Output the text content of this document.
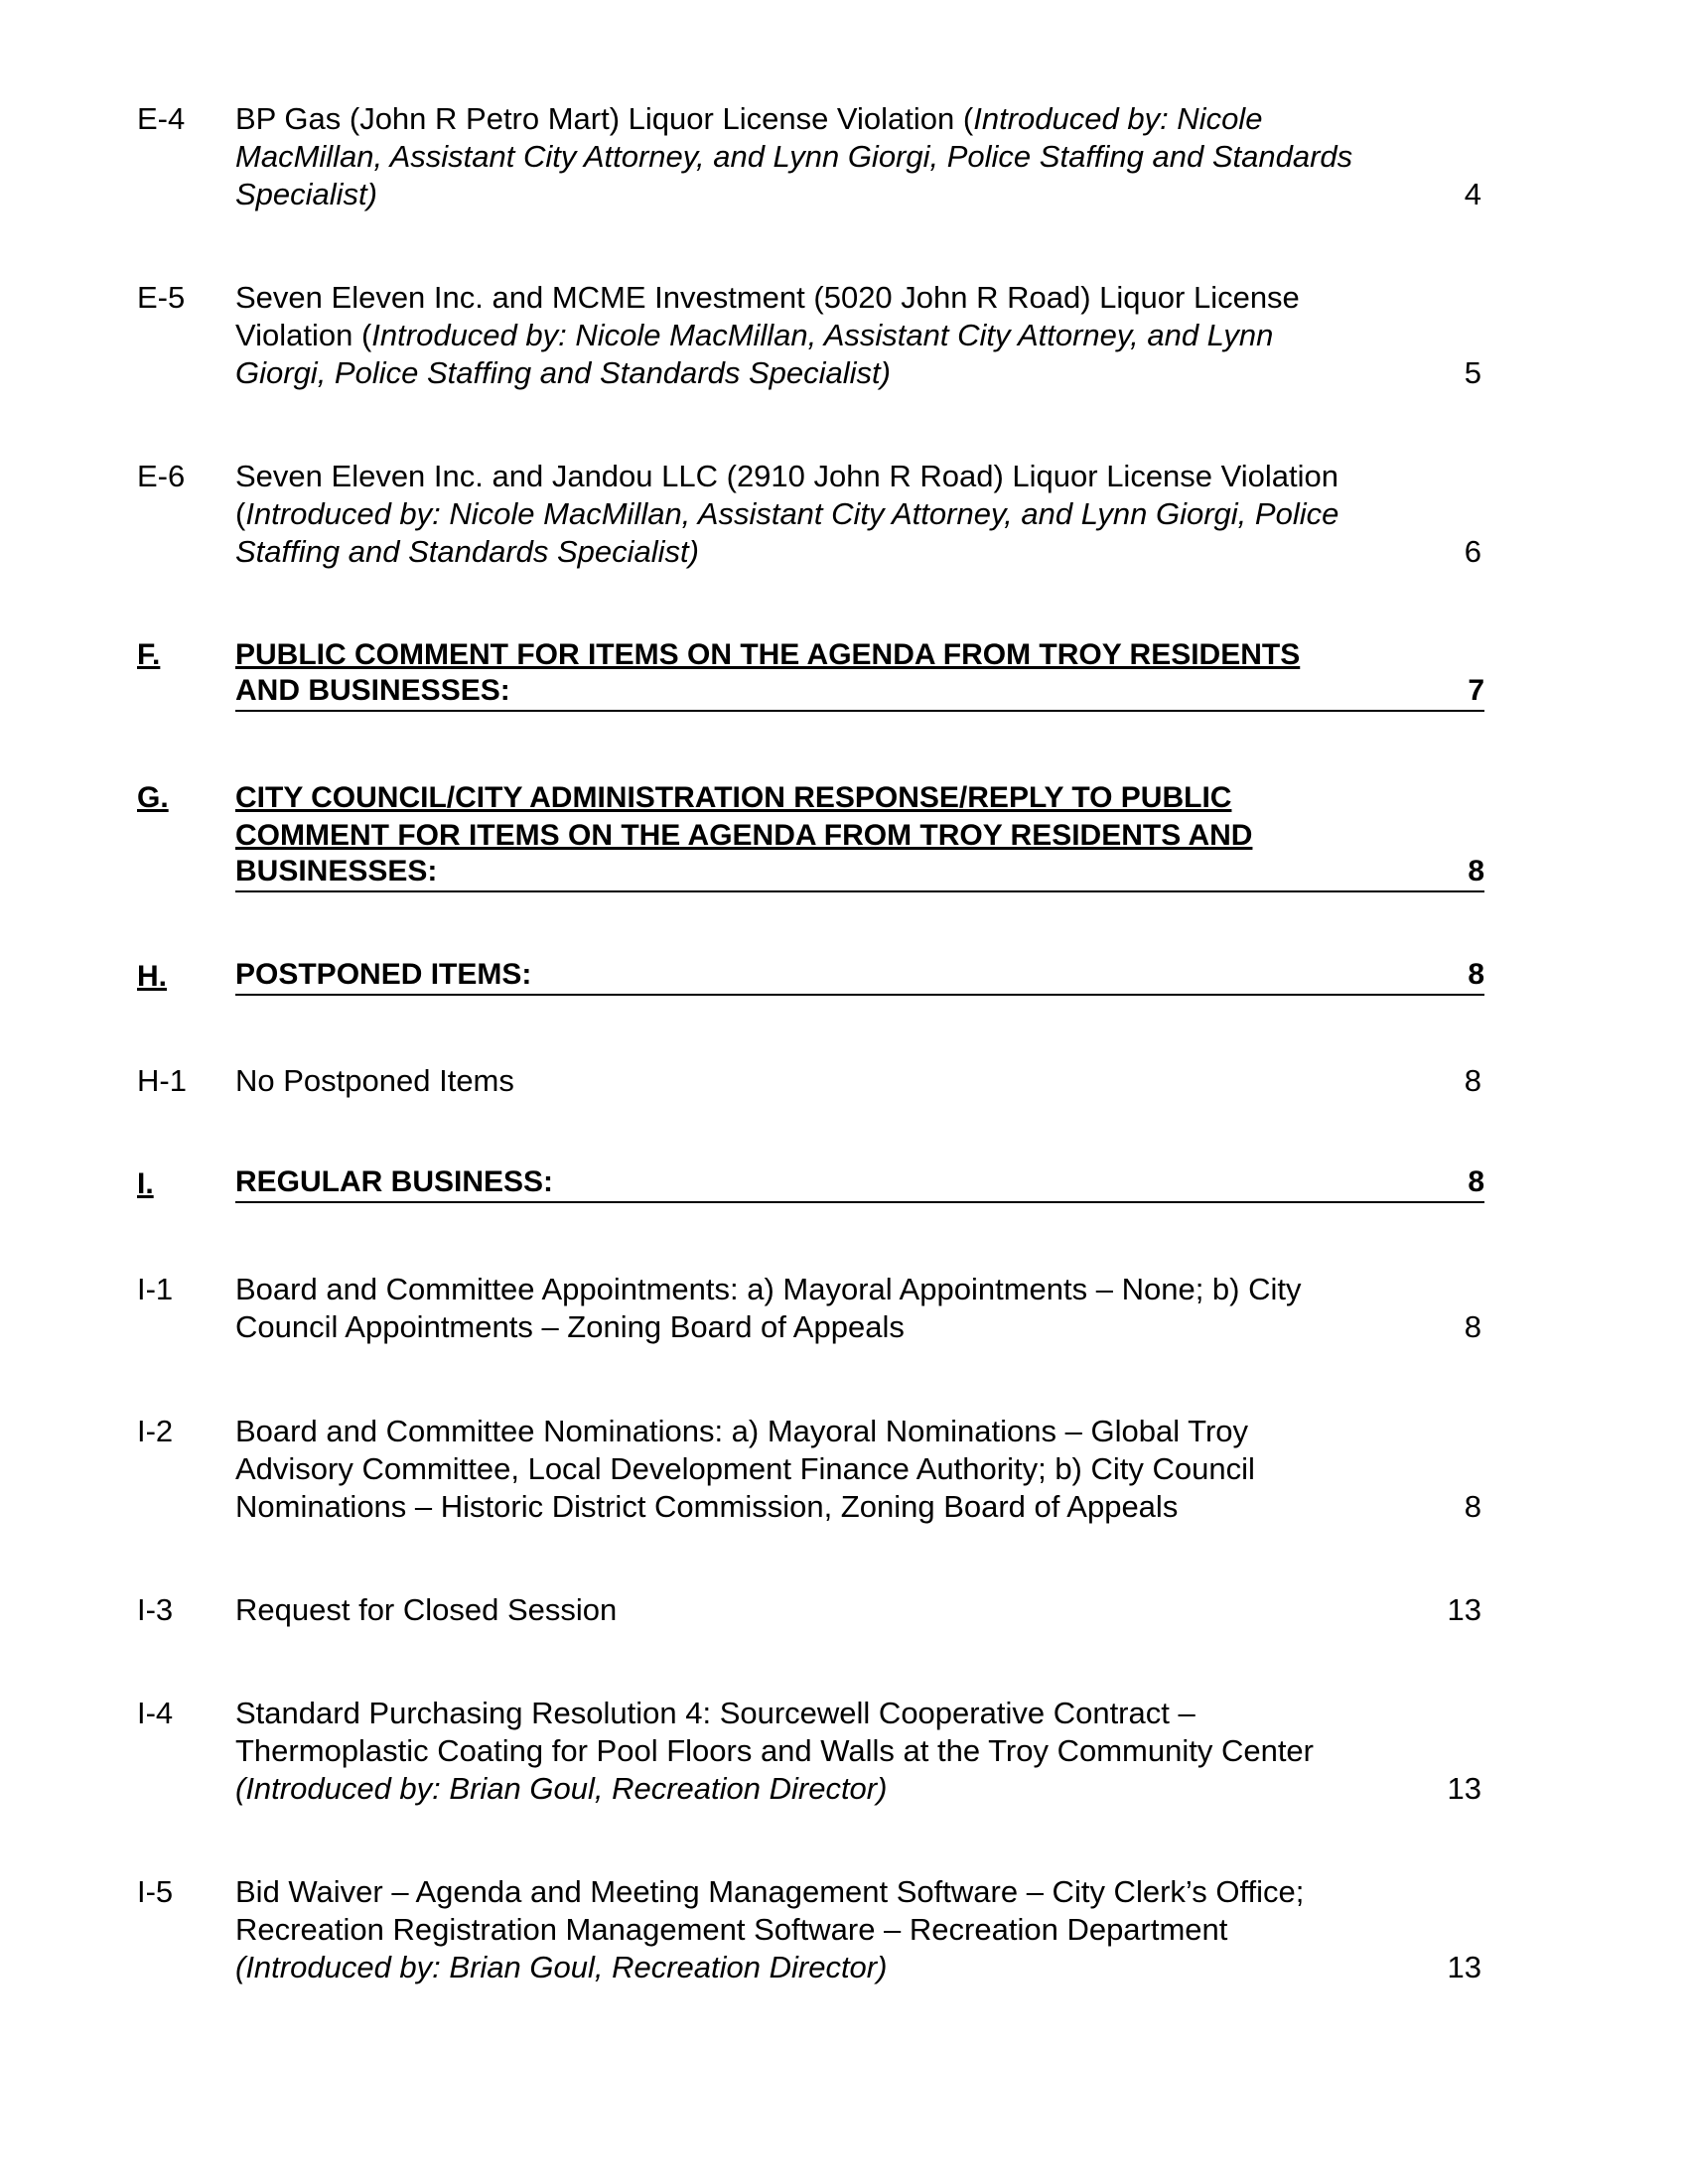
E-4 BP Gas (John R Petro Mart) Liquor License Violation (Introduced by: Nicole
MacMillan, Assistant City Attorney, and Lynn Giorgi, Police Staffing and Standards
Specialist)	4
E-5 Seven Eleven Inc. and MCME Investment (5020 John R Road) Liquor License
Violation (Introduced by: Nicole MacMillan, Assistant City Attorney, and Lynn
Giorgi, Police Staffing and Standards Specialist)	5
E-6 Seven Eleven Inc. and Jandou LLC (2910 John R Road) Liquor License Violation
(Introduced by: Nicole MacMillan, Assistant City Attorney, and Lynn Giorgi, Police
Staffing and Standards Specialist)	6
F.	PUBLIC COMMENT FOR ITEMS ON THE AGENDA FROM TROY RESIDENTS
AND BUSINESSES:	7
G. CITY COUNCIL/CITY ADMINISTRATION RESPONSE/REPLY TO PUBLIC
COMMENT FOR ITEMS ON THE AGENDA FROM TROY RESIDENTS AND
BUSINESSES:	8
H. POSTPONED ITEMS:	8
H-1 No Postponed Items	8
I.	REGULAR BUSINESS:	8
I-1 Board and Committee Appointments: a) Mayoral Appointments – None; b) City
Council Appointments – Zoning Board of Appeals	8
I-2 Board and Committee Nominations: a) Mayoral Nominations – Global Troy
Advisory Committee, Local Development Finance Authority; b) City Council
Nominations – Historic District Commission, Zoning Board of Appeals	8
I-3 Request for Closed Session	13
I-4 Standard Purchasing Resolution 4: Sourcewell Cooperative Contract –
Thermoplastic Coating for Pool Floors and Walls at the Troy Community Center
(Introduced by: Brian Goul, Recreation Director)	13
I-5 Bid Waiver – Agenda and Meeting Management Software – City Clerk’s Office;
Recreation Registration Management Software – Recreation Department
(Introduced by: Brian Goul, Recreation Director)	13
